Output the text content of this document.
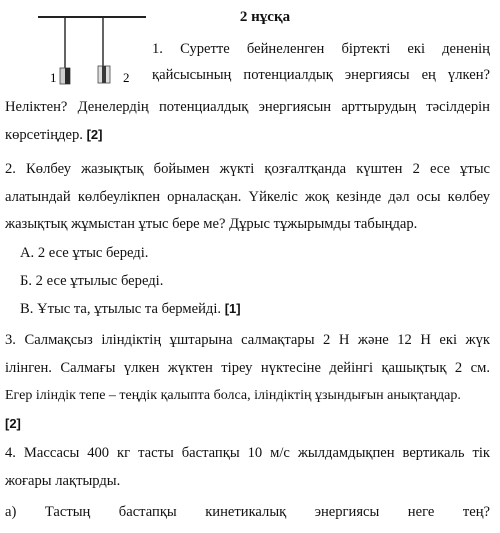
2 нұсқа
1	2
1. Суретте бейнеленген біртекті екі дененің
қайсысының потенциалдық энергиясы ең үлкен?
Неліктен? Денелердің потенциалдық энергиясын арттырудың тәсілдерін
көрсетіңдер. [2]
2. Көлбеу жазықтық бойымен жүкті қозғалтқанда күштен 2 есе ұтыс
алатындай көлбеулікпен орналасқан. Үйкеліс жоқ кезінде дәл осы көлбеу
жазықтық жұмыстан ұтыс бере ме? Дұрыс тұжырымды табыңдар.
А. 2 есе ұтыс береді.
Б. 2 есе ұтылыс береді.
В. Ұтыс та, ұтылыс та бермейді. [1]
3. Салмақсыз іліндіктің ұштарына салмақтары 2 Н және 12 Н екі жүк
ілінген. Салмағы үлкен жүктен тіреу нүктесіне дейінгі қашықтық 2 см.
Егер іліндік тепе – теңдік қалыпта болса, іліндіктің ұзындығын анықтаңдар.
[2]
4. Массасы 400 кг тасты бастапқы 10 м/с жылдамдықпен вертикаль тік
жоғары лақтырды.
а) Тастың бастапқы кинетикалық энергиясы неге тең?
